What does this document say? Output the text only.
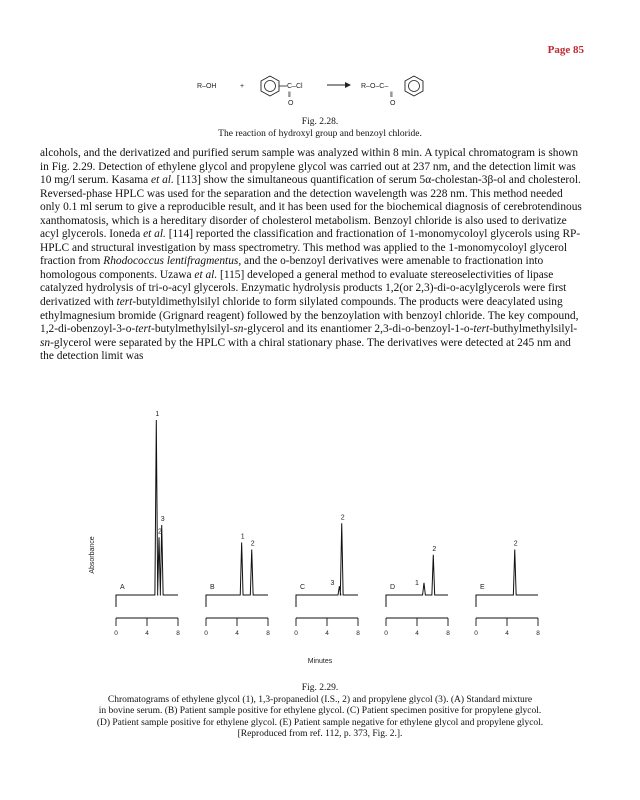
Page 85
R–OH	+	C–Cl
‖
O
R–O–C–
‖
O
Fig. 2.28.
The reaction of hydroxyl group and benzoyl chloride.

alcohols, and the derivatized and purified serum sample was analyzed within 8 min. A typical chromatogram is shown in Fig. 2.29. Detection of ethylene glycol and propylene glycol was carried out at 237 nm, and the detection limit was 10 mg/l serum. Kasama et al. [113] show the simultaneous quantification of serum 5α-cholestan-3β-ol and cholesterol. Reversed-phase HPLC was used for the separation and the detection wavelength was 228 nm. This method needed only 0.1 ml serum to give a reproducible result, and it has been used for the biochemical diagnosis of cerebrotendinous xanthomatosis, which is a hereditary disorder of cholesterol metabolism. Benzoyl chloride is also used to derivatize acyl glycerols. Ioneda et al. [114] reported the classification and fractionation of 1-monomycoloyl glycerols using RP-HPLC and structural investigation by mass spectrometry. This method was applied to the 1-monomycoloyl glycerol fraction from Rhodococcus lentifragmentus, and the o-benzoyl derivatives were amenable to fractionation into homologous components. Uzawa et al. [115] developed a general method to evaluate stereoselectivities of lipase catalyzed hydrolysis of tri-o-acyl glycerols. Enzymatic hydrolysis products 1,2(or 2,3)-di-o-acylglycerols were first derivatized with tert-butyldimethylsilyl chloride to form silylated compounds. The products were deacylated using ethylmagnesium bromide (Grignard reagent) followed by the benzoylation with benzoyl chloride. The key compound, 1,2-di-obenzoyl-3-o-tert-butylmethylsilyl-sn-glycerol and its enantiomer 2,3-di-o-benzoyl-1-o-tert-buthylmethylsilyl-sn-glycerol were separated by the HPLC with a chiral stationary phase. The derivatives were detected at 245 nm and the detection limit was

Absorbance
Minutes
A
1
2
3
0	4	8
B
1
2
0	4	8
C
2
3
0	4	8
D
1
2
0	4	8
E
2
0	4	8
Fig. 2.29.
Chromatograms of ethylene glycol (1), 1,3-propanediol (I.S., 2) and propylene glycol (3). (A) Standard mixture
in bovine serum. (B) Patient sample positive for ethylene glycol. (C) Patient specimen positive for propylene glycol.
(D) Patient sample positive for ethylene glycol. (E) Patient sample negative for ethylene glycol and propylene glycol.
[Reproduced from ref. 112, p. 373, Fig. 2.].
